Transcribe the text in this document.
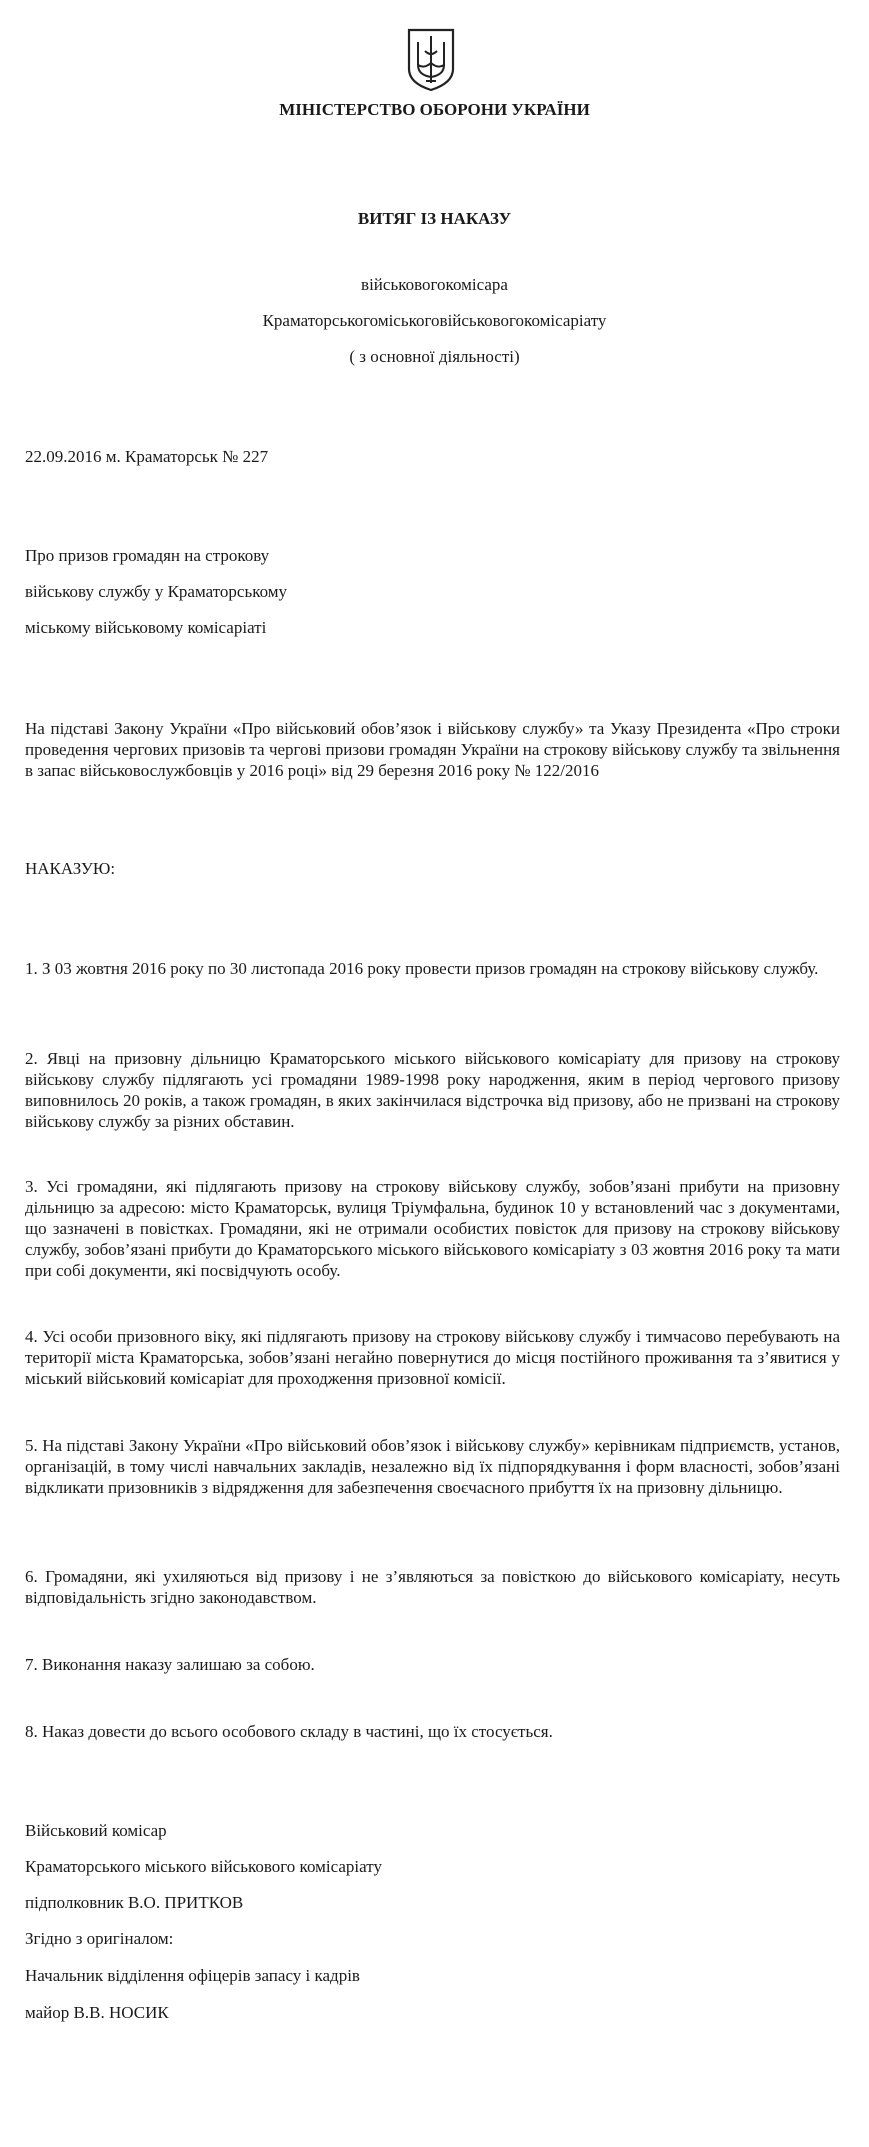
МІНІСТЕРСТВО ОБОРОНИ УКРАЇНИ
ВИТЯГ ІЗ НАКАЗУ
військовогокомісара
Краматорськогоміськоговійськовогокомісаріату
( з основної діяльності)
22.09.2016 м. Краматорськ № 227
Про призов громадян на строкову
військову службу у Краматорському
міському військовому комісаріаті
На підставі Закону України «Про військовий обов’язок і військову службу» та Указу Президента «Про строки проведення чергових призовів та чергові призови громадян України на строкову військову службу та звільнення в запас військовослужбовців у 2016 році» від 29 березня 2016 року № 122/2016
НАКАЗУЮ:
1. З 03 жовтня 2016 року по 30 листопада 2016 року провести призов громадян на строкову військову службу.
2. Явці на призовну дільницю Краматорського міського військового комісаріату для призову на строкову військову службу підлягають усі громадяни 1989-1998 року народження, яким в період чергового призову виповнилось 20 років, а також громадян, в яких закінчилася відстрочка від призову, або не призвані на строкову військову службу за різних обставин.
3. Усі громадяни, які підлягають призову на строкову військову службу, зобов’язані прибути на призовну дільницю за адресою: місто Краматорськ, вулиця Тріумфальна, будинок 10 у встановлений час з документами, що зазначені в повістках. Громадяни, які не отримали особистих повісток для призову на строкову військову службу, зобов’язані прибути до Краматорського міського військового комісаріату з 03 жовтня 2016 року та мати при собі документи, які посвідчують особу.
4. Усі особи призовного віку, які підлягають призову на строкову військову службу і тимчасово перебувають на території міста Краматорська, зобов’язані негайно повернутися до місця постійного проживання та з’явитися у міський військовий комісаріат для проходження призовної комісії.
5. На підставі Закону України «Про військовий обов’язок і військову службу» керівникам підприємств, установ, організацій, в тому числі навчальних закладів, незалежно від їх підпорядкування і форм власності, зобов’язані відкликати призовників з відрядження для забезпечення своєчасного прибуття їх на призовну дільницю.
6. Громадяни, які ухиляються від призову і не з’являються за повісткою до військового комісаріату, несуть відповідальність згідно законодавством.
7. Виконання наказу залишаю за собою.
8. Наказ довести до всього особового складу в частині, що їх стосується.
Військовий комісар
Краматорського міського військового комісаріату
підполковник В.О. ПРИТКОВ
Згідно з оригіналом:
Начальник відділення офіцерів запасу і кадрів
майор В.В. НОСИК
